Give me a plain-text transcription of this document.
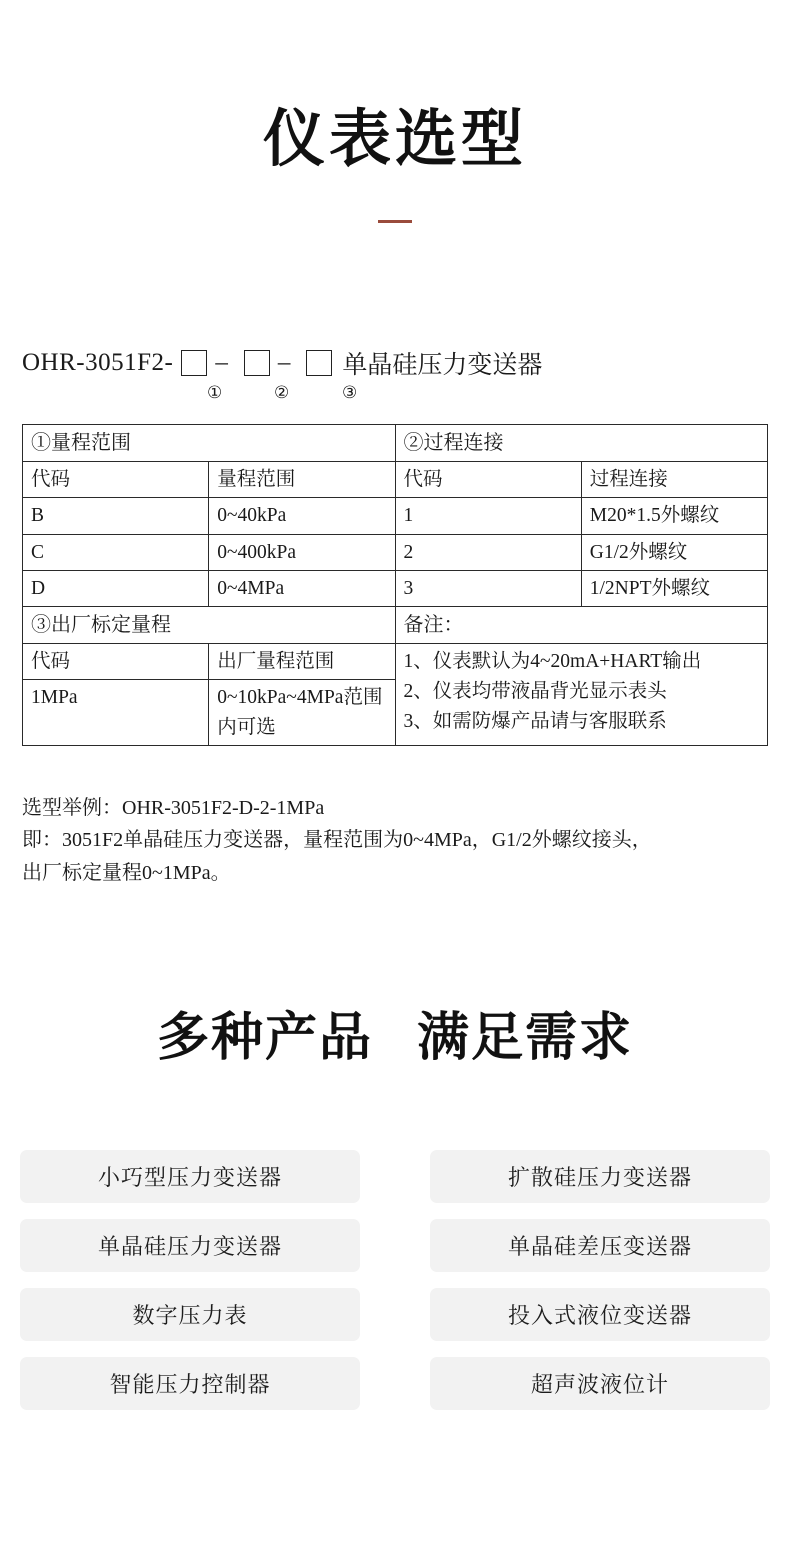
仪表选型
OHR-3051F2- – – 单晶硅压力变送器
①	②	③
①量程范围		②过程连接	
代码	量程范围	代码	过程连接
B	0~40kPa	1	M20*1.5外螺纹
C	0~400kPa	2	G1/2外螺纹
D	0~4MPa	3	1/2NPT外螺纹
③出厂标定量程		备注：	
代码	出厂量程范围	1、仪表默认为4~20mA+HART输出
2、仪表均带液晶背光显示表头
3、如需防爆产品请与客服联系

1MPa	0~10kPa~4MPa范围内可选		

选型举例：OHR-3051F2-D-2-1MPa

即：3051F2单晶硅压力变送器，量程范围为0~4MPa，G1/2外螺纹接头，

出厂标定量程0~1MPa。

多种产品 满足需求
小巧型压力变送器	扩散硅压力变送器
单晶硅压力变送器	单晶硅差压变送器
数字压力表	投入式液位变送器
智能压力控制器	超声波液位计
